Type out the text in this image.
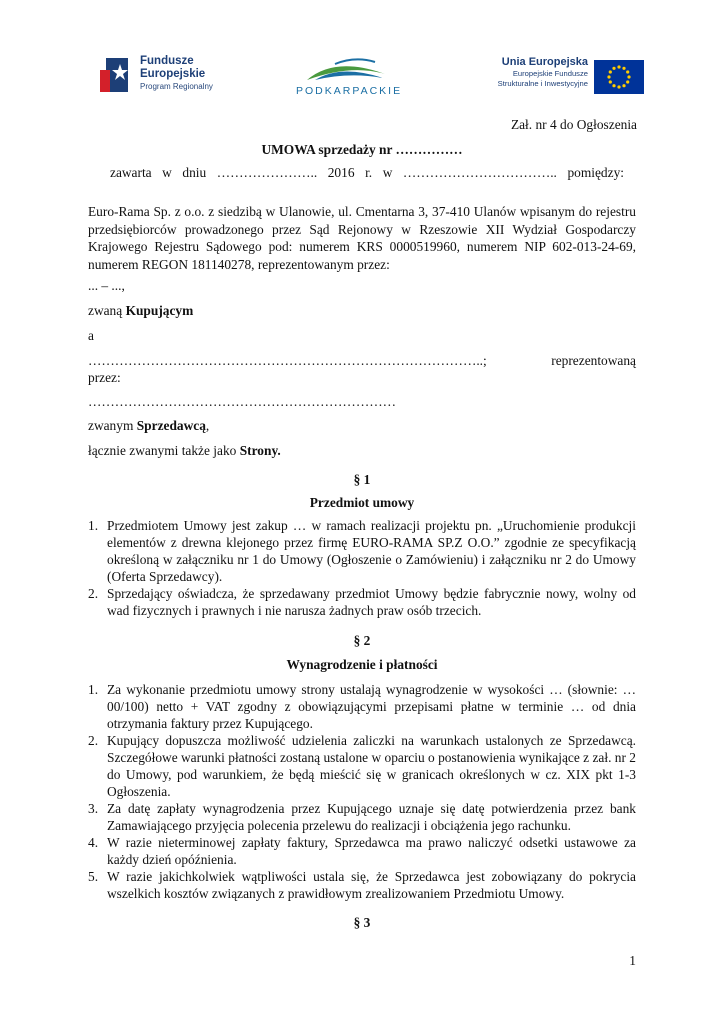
Fundusze
Europejskie
Program Regionalny	PODKARPACKIE
Unia Europejska
Europejskie Fundusze
Strukturalne i Inwestycyjne
Zał. nr 4 do Ogłoszenia
UMOWA sprzedaży nr ……………
zawarta w dniu ………………….. 2016 r. w …………………………….. pomiędzy:
Euro-Rama Sp. z o.o. z siedzibą w Ulanowie, ul. Cmentarna 3, 37-410 Ulanów wpisanym do rejestru przedsiębiorców prowadzonego przez Sąd Rejonowy w Rzeszowie XII Wydział Gospodarczy Krajowego Rejestru Sądowego pod: numerem KRS 0000519960, numerem NIP 602-013-24-69, numerem REGON 181140278, reprezentowanym przez:
... – ...,
zwaną Kupującym
a
……………………………………………………………………………..; reprezentowaną
przez:
……………………………………………………………
zwanym Sprzedawcą,
łącznie zwanymi także jako Strony.
§ 1
Przedmiot umowy
1. Przedmiotem Umowy jest zakup … w ramach realizacji projektu pn. „Uruchomienie produkcji elementów z drewna klejonego przez firmę EURO-RAMA SP.Z O.O.” zgodnie ze specyfikacją określoną w załączniku nr 1 do Umowy (Ogłoszenie o Zamówieniu) i załączniku nr 2 do Umowy (Oferta Sprzedawcy).
2. Sprzedający oświadcza, że sprzedawany przedmiot Umowy będzie fabrycznie nowy, wolny od wad fizycznych i prawnych i nie narusza żadnych praw osób trzecich.
§ 2
Wynagrodzenie i płatności
1. Za wykonanie przedmiotu umowy strony ustalają wynagrodzenie w wysokości … (słownie: … 00/100) netto + VAT zgodny z obowiązującymi przepisami płatne w terminie … od dnia otrzymania faktury przez Kupującego.
2. Kupujący dopuszcza możliwość udzielenia zaliczki na warunkach ustalonych ze Sprzedawcą. Szczegółowe warunki płatności zostaną ustalone w oparciu o postanowienia wynikające z zał. nr 2 do Umowy, pod warunkiem, że będą mieścić się w granicach określonych w cz. XIX pkt 1-3 Ogłoszenia.
3. Za datę zapłaty wynagrodzenia przez Kupującego uznaje się datę potwierdzenia przez bank Zamawiającego przyjęcia polecenia przelewu do realizacji i obciążenia jego rachunku.
4. W razie nieterminowej zapłaty faktury, Sprzedawca ma prawo naliczyć odsetki ustawowe za każdy dzień opóźnienia.
5. W razie jakichkolwiek wątpliwości ustala się, że Sprzedawca jest zobowiązany do pokrycia wszelkich kosztów związanych z prawidłowym zrealizowaniem Przedmiotu Umowy.
§ 3
1
